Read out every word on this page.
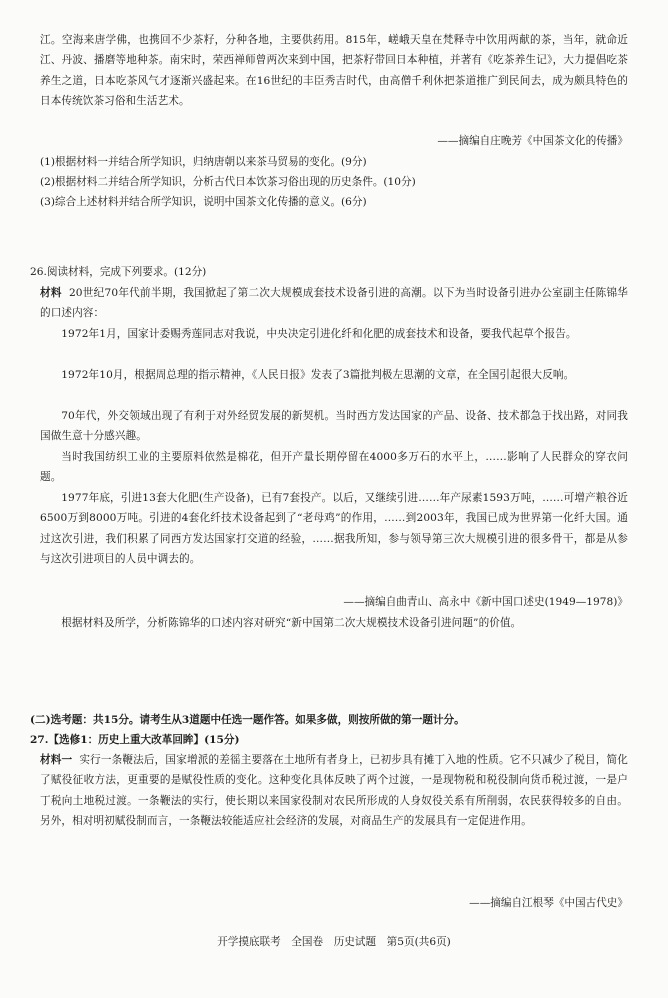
江。空海来唐学佛，也携回不少茶籽，分种各地，主要供药用。815年，嵯峨天皇在梵释寺中饮用两献的茶，当年，就命近江、丹波、播磨等地种茶。南宋时，荣西禅师曾两次来到中国，把茶籽带回日本种植，并著有《吃茶养生记》，大力提倡吃茶养生之道，日本吃茶风气才逐渐兴盛起来。在16世纪的丰臣秀吉时代，由高僧千利休把茶道推广到民间去，成为颇具特色的日本传统饮茶习俗和生活艺术。

——摘编自庄晚芳《中国茶文化的传播》

(1)根据材料一并结合所学知识，归纳唐朝以来茶马贸易的变化。(9分)

(2)根据材料二并结合所学知识，分析古代日本饮茶习俗出现的历史条件。(10分)

(3)综合上述材料并结合所学知识，说明中国茶文化传播的意义。(6分)

26.阅读材料，完成下列要求。(12分)

材料 20世纪70年代前半期，我国掀起了第二次大规模成套技术设备引进的高潮。以下为当时设备引进办公室副主任陈锦华的口述内容：

1972年1月，国家计委赐秀莲同志对我说，中央决定引进化纤和化肥的成套技术和设备，要我代起草个报告。

1972年10月，根据周总理的指示精神，《人民日报》发表了3篇批判极左思潮的文章，在全国引起很大反响。

70年代，外交领域出现了有利于对外经贸发展的新契机。当时西方发达国家的产品、设备、技术都急于找出路，对同我国做生意十分感兴趣。

当时我国纺织工业的主要原料依然是棉花，但开产量长期停留在4000多万石的水平上，……影响了人民群众的穿衣问题。

1977年底，引进13套大化肥(生产设备)，已有7套投产。以后，又继续引进……年产尿素1593万吨，……可增产粮谷近6500万到8000万吨。引进的4套化纤技术设备起到了“老母鸡”的作用，……到2003年，我国已成为世界第一化纤大国。通过这次引进，我们积累了同西方发达国家打交道的经验，……据我所知，参与领导第三次大规模引进的很多骨干，都是从参与这次引进项目的人员中调去的。

——摘编自曲青山、高永中《新中国口述史(1949—1978)》

根据材料及所学，分析陈锦华的口述内容对研究“新中国第二次大规模技术设备引进问题”的价值。

(二)选考题：共15分。请考生从3道题中任选一题作答。如果多做，则按所做的第一题计分。

27.【选修1：历史上重大改革回眸】(15分)

材料一 实行一条鞭法后，国家增派的差徭主要落在土地所有者身上，已初步具有摊丁入地的性质。它不只减少了税目，简化了赋役征收方法，更重要的是赋役性质的变化。这种变化具体反映了两个过渡，一是现物税和税役制向货币税过渡，一是户丁税向土地税过渡。一条鞭法的实行，使长期以来国家役制对农民所形成的人身奴役关系有所削弱，农民获得较多的自由。另外，相对明初赋役制而言，一条鞭法较能适应社会经济的发展，对商品生产的发展具有一定促进作用。

——摘编自江根琴《中国古代史》
开学摸底联考　全国卷　历史试题　第5页(共6页)
